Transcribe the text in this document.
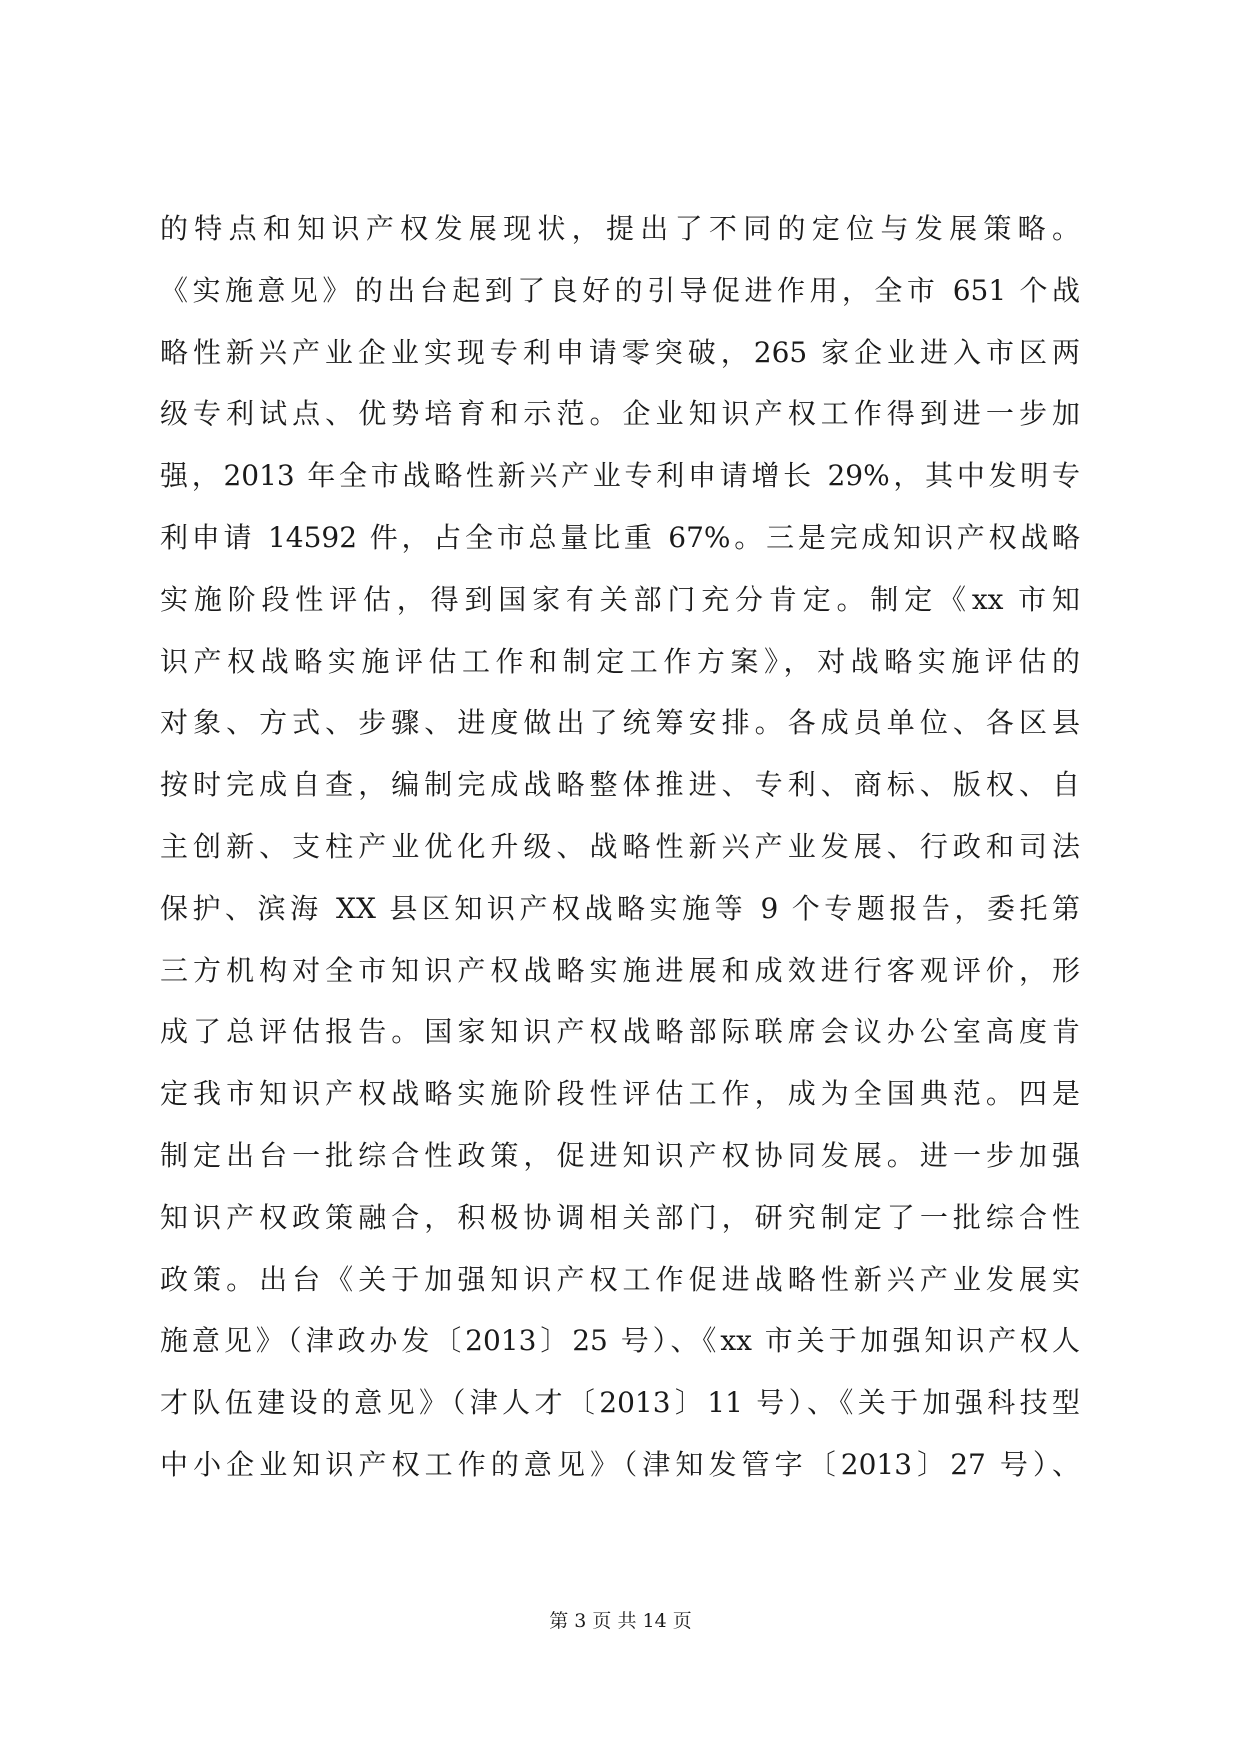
的特点和知识产权发展现状，提出了不同的定位与发展策略。
《实施意见》的出台起到了良好的引导促进作用，全市 651 个战
略性新兴产业企业实现专利申请零突破，265 家企业进入市区两
级专利试点、优势培育和示范。企业知识产权工作得到进一步加
强，2013 年全市战略性新兴产业专利申请增长 29%，其中发明专
利申请 14592 件，占全市总量比重 67%。三是完成知识产权战略
实施阶段性评估，得到国家有关部门充分肯定。制定《xx 市知
识产权战略实施评估工作和制定工作方案》，对战略实施评估的
对象、方式、步骤、进度做出了统筹安排。各成员单位、各区县
按时完成自查，编制完成战略整体推进、专利、商标、版权、自
主创新、支柱产业优化升级、战略性新兴产业发展、行政和司法
保护、滨海 XX 县区知识产权战略实施等 9 个专题报告，委托第
三方机构对全市知识产权战略实施进展和成效进行客观评价，形
成了总评估报告。国家知识产权战略部际联席会议办公室高度肯
定我市知识产权战略实施阶段性评估工作，成为全国典范。四是
制定出台一批综合性政策，促进知识产权协同发展。进一步加强
知识产权政策融合，积极协调相关部门，研究制定了一批综合性
政策。出台《关于加强知识产权工作促进战略性新兴产业发展实
施意见》（津政办发〔2013〕25 号）、《xx 市关于加强知识产权人
才队伍建设的意见》（津人才〔2013〕11 号）、《关于加强科技型
中小企业知识产权工作的意见》（津知发管字〔2013〕27 号）、
第 3 页 共 14 页
